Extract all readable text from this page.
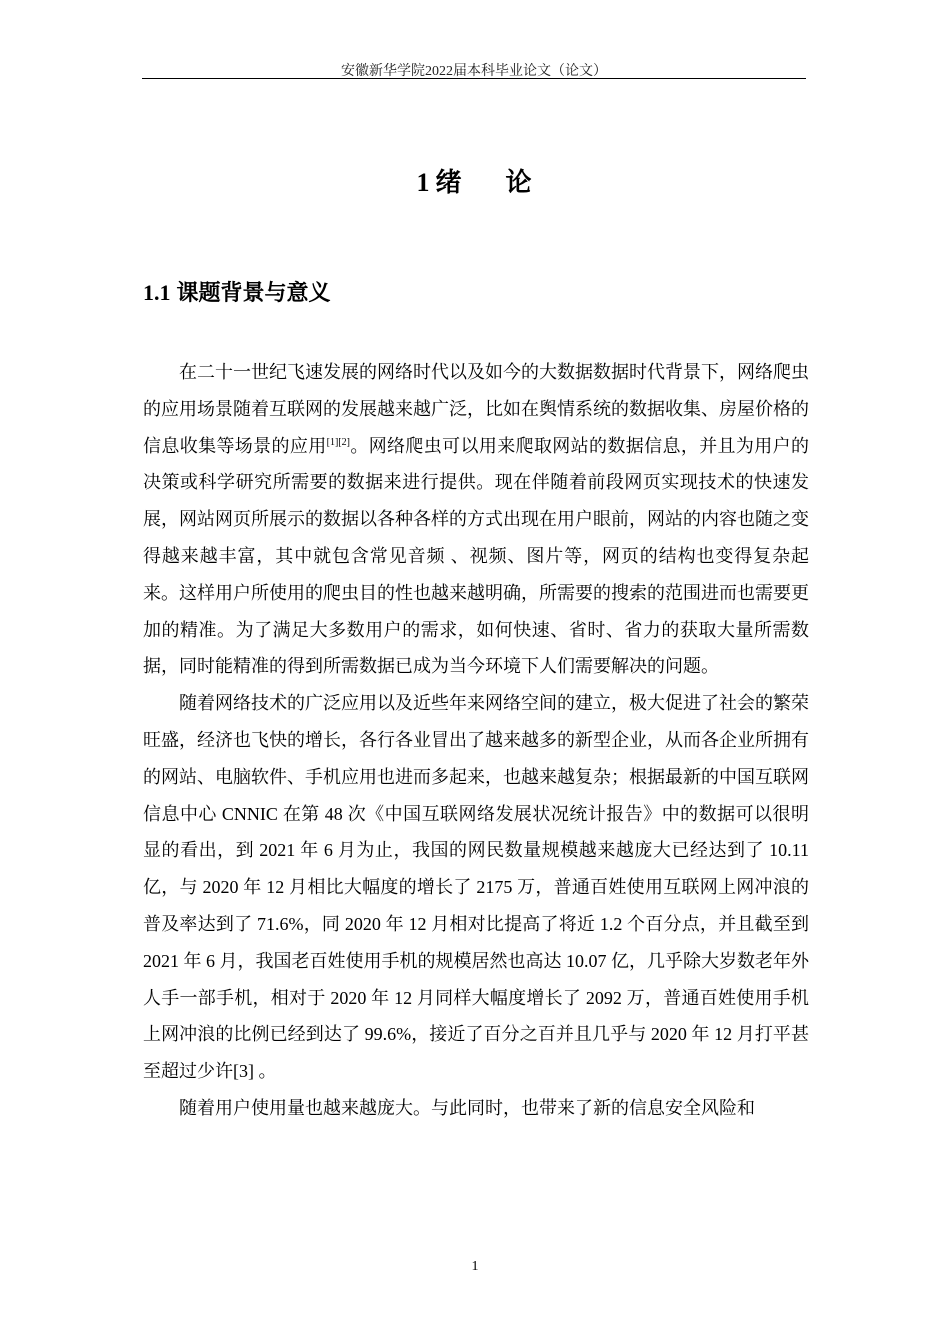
安徽新华学院2022届本科毕业论文（论文）
1 绪 论
1.1 课题背景与意义

在二十一世纪飞速发展的网络时代以及如今的大数据数据时代背景下，网络爬虫的应用场景随着互联网的发展越来越广泛，比如在舆情系统的数据收集、房屋价格的信息收集等场景的应用[1][2]。网络爬虫可以用来爬取网站的数据信息，并且为用户的决策或科学研究所需要的数据来进行提供。现在伴随着前段网页实现技术的快速发展，网站网页所展示的数据以各种各样的方式出现在用户眼前，网站的内容也随之变得越来越丰富，其中就包含常见音频 、视频、图片等，网页的结构也变得复杂起来。这样用户所使用的爬虫目的性也越来越明确，所需要的搜索的范围进而也需要更加的精准。为了满足大多数用户的需求，如何快速、省时、省力的获取大量所需数据，同时能精准的得到所需数据已成为当今环境下人们需要解决的问题。

随着网络技术的广泛应用以及近些年来网络空间的建立，极大促进了社会的繁荣旺盛，经济也飞快的增长，各行各业冒出了越来越多的新型企业，从而各企业所拥有的网站、电脑软件、手机应用也进而多起来，也越来越复杂；根据最新的中国互联网信息中心 CNNIC 在第 48 次《中国互联网络发展状况统计报告》中的数据可以很明显的看出，到 2021 年 6 月为止，我国的网民数量规模越来越庞大已经达到了 10.11 亿，与 2020 年 12 月相比大幅度的增长了 2175 万，普通百姓使用互联网上网冲浪的普及率达到了 71.6%，同 2020 年 12 月相对比提高了将近 1.2 个百分点，并且截至到 2021 年 6 月，我国老百姓使用手机的规模居然也高达 10.07 亿，几乎除大岁数老年外人手一部手机，相对于 2020 年 12 月同样大幅度增长了 2092 万，普通百姓使用手机上网冲浪的比例已经到达了 99.6%，接近了百分之百并且几乎与 2020 年 12 月打平甚至超过少许[3] 。

随着用户使用量也越来越庞大。与此同时，也带来了新的信息安全风险和

1
